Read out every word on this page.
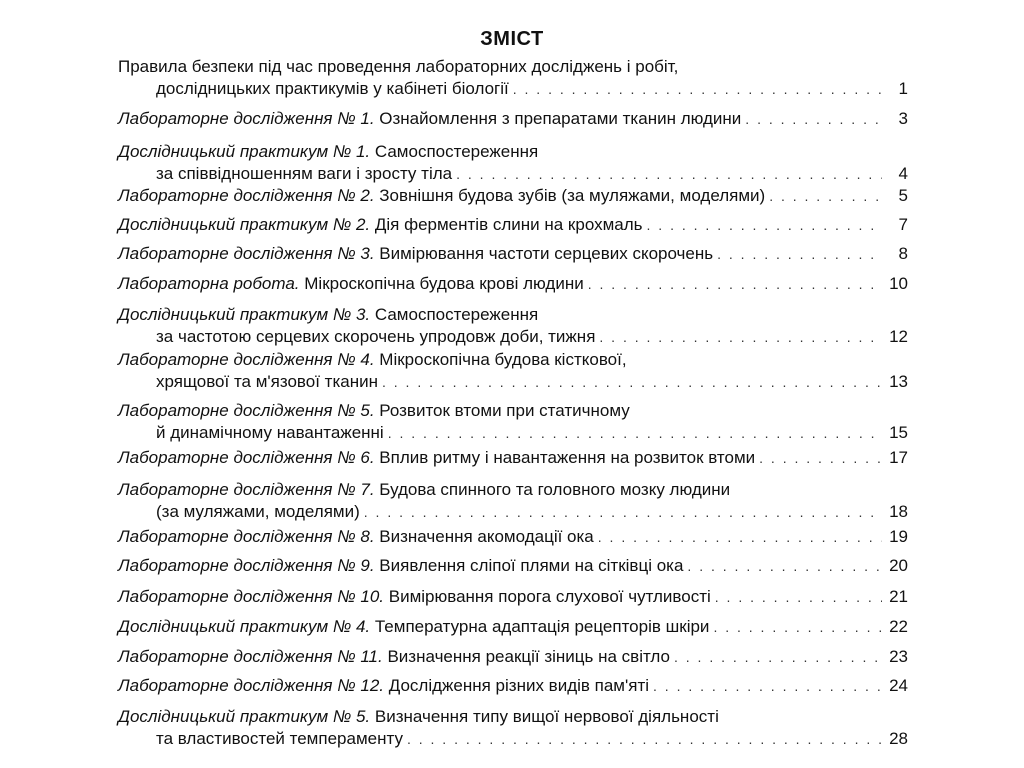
ЗМІСТ
Правила безпеки під час проведення лабораторних досліджень і робіт,
дослідницьких практикумів у кабінеті біології . . .	1
Лабораторне дослідження № 1. Ознайомлення з препаратами тканин людини . . .	3
Дослідницький практикум № 1. Самоспостереження
за співвідношенням ваги і зросту тіла . . .	4
Лабораторне дослідження № 2. Зовнішня будова зубів (за муляжами, моделями) . . .	5
Дослідницький практикум № 2. Дія ферментів слини на крохмаль . . .	7
Лабораторне дослідження № 3. Вимірювання частоти серцевих скорочень . . .	8
Лабораторна робота. Мікроскопічна будова крові людини . . .	10
Дослідницький практикум № 3. Самоспостереження
за частотою серцевих скорочень упродовж доби, тижня . . .	12
Лабораторне дослідження № 4. Мікроскопічна будова кісткової,
хрящової та м'язової тканин . . .	13
Лабораторне дослідження № 5. Розвиток втоми при статичному
й динамічному навантаженні . . .	15
Лабораторне дослідження № 6. Вплив ритму і навантаження на розвиток втоми . . .	17
Лабораторне дослідження № 7. Будова спинного та головного мозку людини
(за муляжами, моделями) . . .	18
Лабораторне дослідження № 8. Визначення акомодації ока . . .	19
Лабораторне дослідження № 9. Виявлення сліпої плями на сітківці ока . . .	20
Лабораторне дослідження № 10. Вимірювання порога слухової чутливості . . .	21
Дослідницький практикум № 4. Температурна адаптація рецепторів шкіри . . .	22
Лабораторне дослідження № 11. Визначення реакції зіниць на світло . . .	23
Лабораторне дослідження № 12. Дослідження різних видів пам'яті . . .	24
Дослідницький практикум № 5. Визначення типу вищої нервової діяльності
та властивостей темпераменту . . .	28
